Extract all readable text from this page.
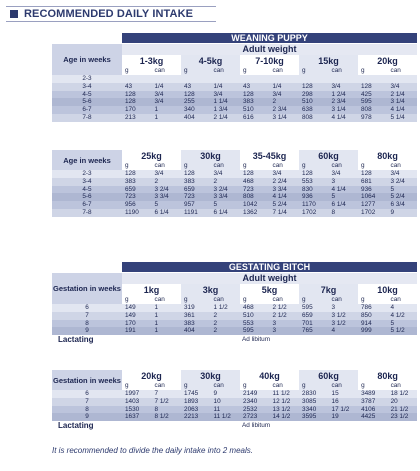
RECOMMENDED DAILY INTAKE
WEANING PUPPY
GESTATING BITCH
Age in weeks	Adult weight									
	1-3kg		4-5kg		7-10kg		15kg		20kg	
	g	can	g	can	g	can	g	can	g	can
2-3										
3-4	43	1/4	43	1/4	43	1/4	128	3/4	128	3/4
4-5	128	3/4	128	3/4	128	3/4	298	1 2/4	425	2 1/4
5-6	128	3/4	255	1 1/4	383	2	510	2 3/4	595	3 1/4
6-7	170	1	340	1 3/4	510	2 3/4	638	3 1/4	808	4 1/4
7-8	213	1	404	2 1/4	616	3 1/4	808	4 1/4	978	5 1/4
Age in weeks	25kg		30kg		35-45kg		60kg		80kg	
	g	can	g	can	g	can	g	can	g	can
2-3	128	3/4	128	3/4	128	3/4	128	3/4	128	3/4
3-4	383	2	383	2	468	2 2/4	553	3	681	3 2/4
4-5	659	3 2/4	659	3 2/4	723	3 3/4	830	4 1/4	936	5
5-6	723	3 3/4	723	3 3/4	808	4 1/4	936	5	1064	5 2/4
6-7	956	5	957	5	1042	5 2/4	1170	6 1/4	1277	6 3/4
7-8	1190	6 1/4	1191	6 1/4	1362	7 1/4	1702	8	1702	9
Gestation in weeks	Adult weight									
	1kg		3kg		5kg		7kg		10kg	
	g	can	g	can	g	can	g	can	g	can
6	149	1	319	1 1/2	468	2 1/2	595	3	786	4
7	149	1	361	2	510	2 1/2	659	3 1/2	850	4 1/2
8	170	1	383	2	553	3	701	3 1/2	914	5
9	191	1	404	2	595	3	765	4	999	5 1/2
Lactating					Ad libitum					
Gestation in weeks	20kg		30kg		40kg		60kg		80kg	
	g	can	g	can	g	can	g	can	g	can
6	1997	7	1745	9	2149	11 1/2	2830	15	3489	18 1/2
7	1403	7 1/2	1893	10	2340	12 1/2	3085	16	3787	20
8	1530	8	2063	11	2532	13 1/2	3340	17 1/2	4106	21 1/2
9	1637	8 1/2	2213	11 1/2	2723	14 1/2	3595	19	4425	23 1/2
Lactating					Ad libitum					
It is recommended to divide the daily intake into 2 meals.
